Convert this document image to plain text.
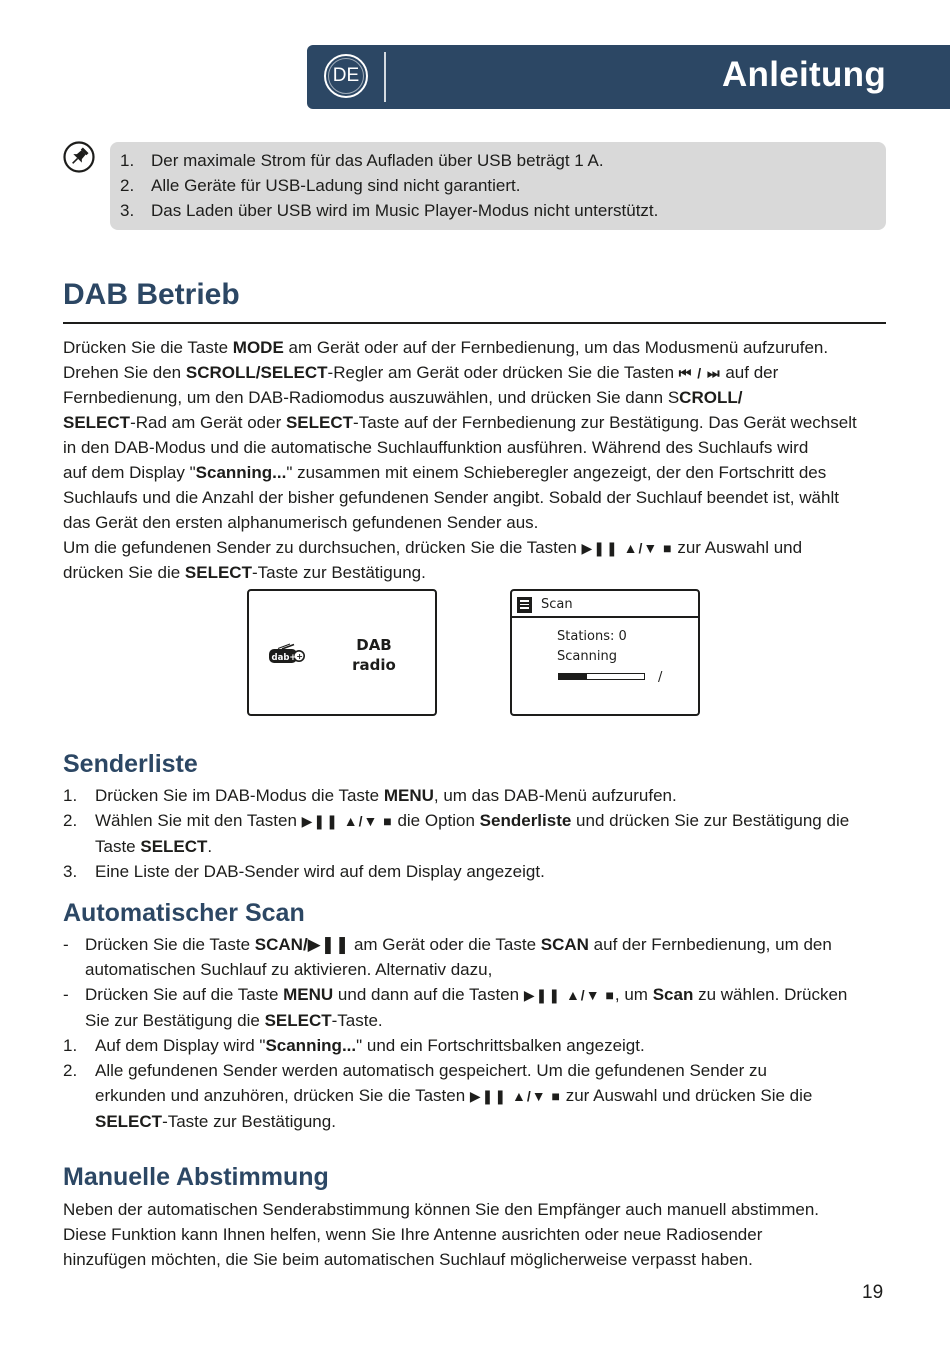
DE	Anleitung
1. Der maximale Strom für das Aufladen über USB beträgt 1 A.
2. Alle Geräte für USB-Ladung sind nicht garantiert.
3. Das Laden über USB wird im Music Player-Modus nicht unterstützt.
DAB Betrieb

Drücken Sie die Taste MODE am Gerät oder auf der Fernbedienung, um das Modusmenü aufzurufen.

Drehen Sie den SCROLL/SELECT-Regler am Gerät oder drücken Sie die Tasten ⏮ / ⏭ auf der

Fernbedienung, um den DAB-Radiomodus auszuwählen, und drücken Sie dann SCROLL/

SELECT-Rad am Gerät oder SELECT-Taste auf der Fernbedienung zur Bestätigung. Das Gerät wechselt

in den DAB-Modus und die automatische Suchlauffunktion ausführen. Während des Suchlaufs wird

auf dem Display "Scanning..." zusammen mit einem Schieberegler angezeigt, der den Fortschritt des

Suchlaufs und die Anzahl der bisher gefundenen Sender angibt. Sobald der Suchlauf beendet ist, wählt

das Gerät den ersten alphanumerisch gefundenen Sender aus.

Um die gefundenen Sender zu durchsuchen, drücken Sie die Tasten ▶❚❚ ▲/▼ ■ zur Auswahl und

drücken Sie die SELECT-Taste zur Bestätigung.

dab+ +
DAB
radio
Scan
Stations: 0
Scanning
/
Senderliste
1. Drücken Sie im DAB-Modus die Taste MENU, um das DAB-Menü aufzurufen.
2. Wählen Sie mit den Tasten ▶❚❚ ▲/▼ ■ die Option Senderliste und drücken Sie zur Bestätigung die
Taste SELECT.
3. Eine Liste der DAB-Sender wird auf dem Display angezeigt.
Automatischer Scan
- Drücken Sie die Taste SCAN/▶❚❚ am Gerät oder die Taste SCAN auf der Fernbedienung, um den
automatischen Suchlauf zu aktivieren. Alternativ dazu,
- Drücken Sie auf die Taste MENU und dann auf die Tasten ▶❚❚ ▲/▼ ■, um Scan zu wählen. Drücken
Sie zur Bestätigung die SELECT-Taste.
1. Auf dem Display wird "Scanning..." und ein Fortschrittsbalken angezeigt.
2. Alle gefundenen Sender werden automatisch gespeichert. Um die gefundenen Sender zu
erkunden und anzuhören, drücken Sie die Tasten ▶❚❚ ▲/▼ ■ zur Auswahl und drücken Sie die
SELECT-Taste zur Bestätigung.
Manuelle Abstimmung

Neben der automatischen Senderabstimmung können Sie den Empfänger auch manuell abstimmen.

Diese Funktion kann Ihnen helfen, wenn Sie Ihre Antenne ausrichten oder neue Radiosender

hinzufügen möchten, die Sie beim automatischen Suchlauf möglicherweise verpasst haben.

19
